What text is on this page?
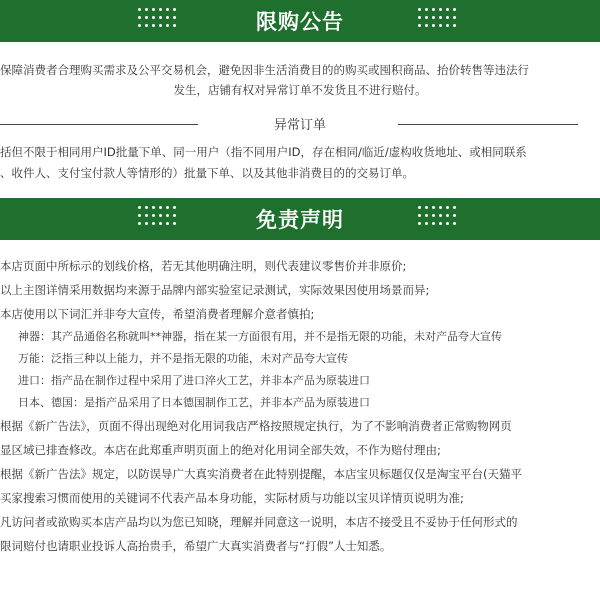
限购公告
保障消费者合理购买需求及公平交易机会，避免因非生活消费目的的购买或囤积商品、抬价转售等违法行
发生，店铺有权对异常订单不发货且不进行赔付。
异常订单
括但不限于相同用户ID批量下单、同一用户（指不同用户ID，存在相同/临近/虚构收货地址、或相同联系
、收件人、支付宝付款人等情形的）批量下单、以及其他非消费目的的交易订单。
免责声明
本店页面中所标示的划线价格，若无其他明确注明，则代表建议零售价并非原价;
以上主图详情采用数据均来源于品牌内部实验室记录测试，实际效果因使用场景而异;
本店使用以下词汇并非夸大宣传，希望消费者理解介意者慎拍;
神器：其产品通俗名称就叫**神器，指在某一方面很有用，并不是指无限的功能，未对产品夸大宣传
万能：泛指三种以上能力，并不是指无限的功能，未对产品夸大宣传
进口：指产品在制作过程中采用了进口淬火工艺，并非本产品为原装进口
日本、德国：是指产品采用了日本德国制作工艺，并非本产品为原装进口
根据《新广告法》，页面不得出现绝对化用词我店严格按照规定执行，为了不影响消费者正常购物网页
显区域已排查修改。本店在此郑重声明页面上的绝对化用词全部失效，不作为赔付理由;
根据《新广告法》规定，以防误导广大真实消费者在此特别提醒，本店宝贝标题仅仅是淘宝平台(天猫平
买家搜索习惯而使用的关键词不代表产品本身功能，实际材质与功能以宝贝详情页说明为准;
凡访问者或欲购买本店产品均以为您已知晓，理解并同意这一说明，本店不接受且不妥协于任何形式的
限词赔付也请职业投诉人高抬贵手，希望广大真实消费者与“打假”人士知悉。
